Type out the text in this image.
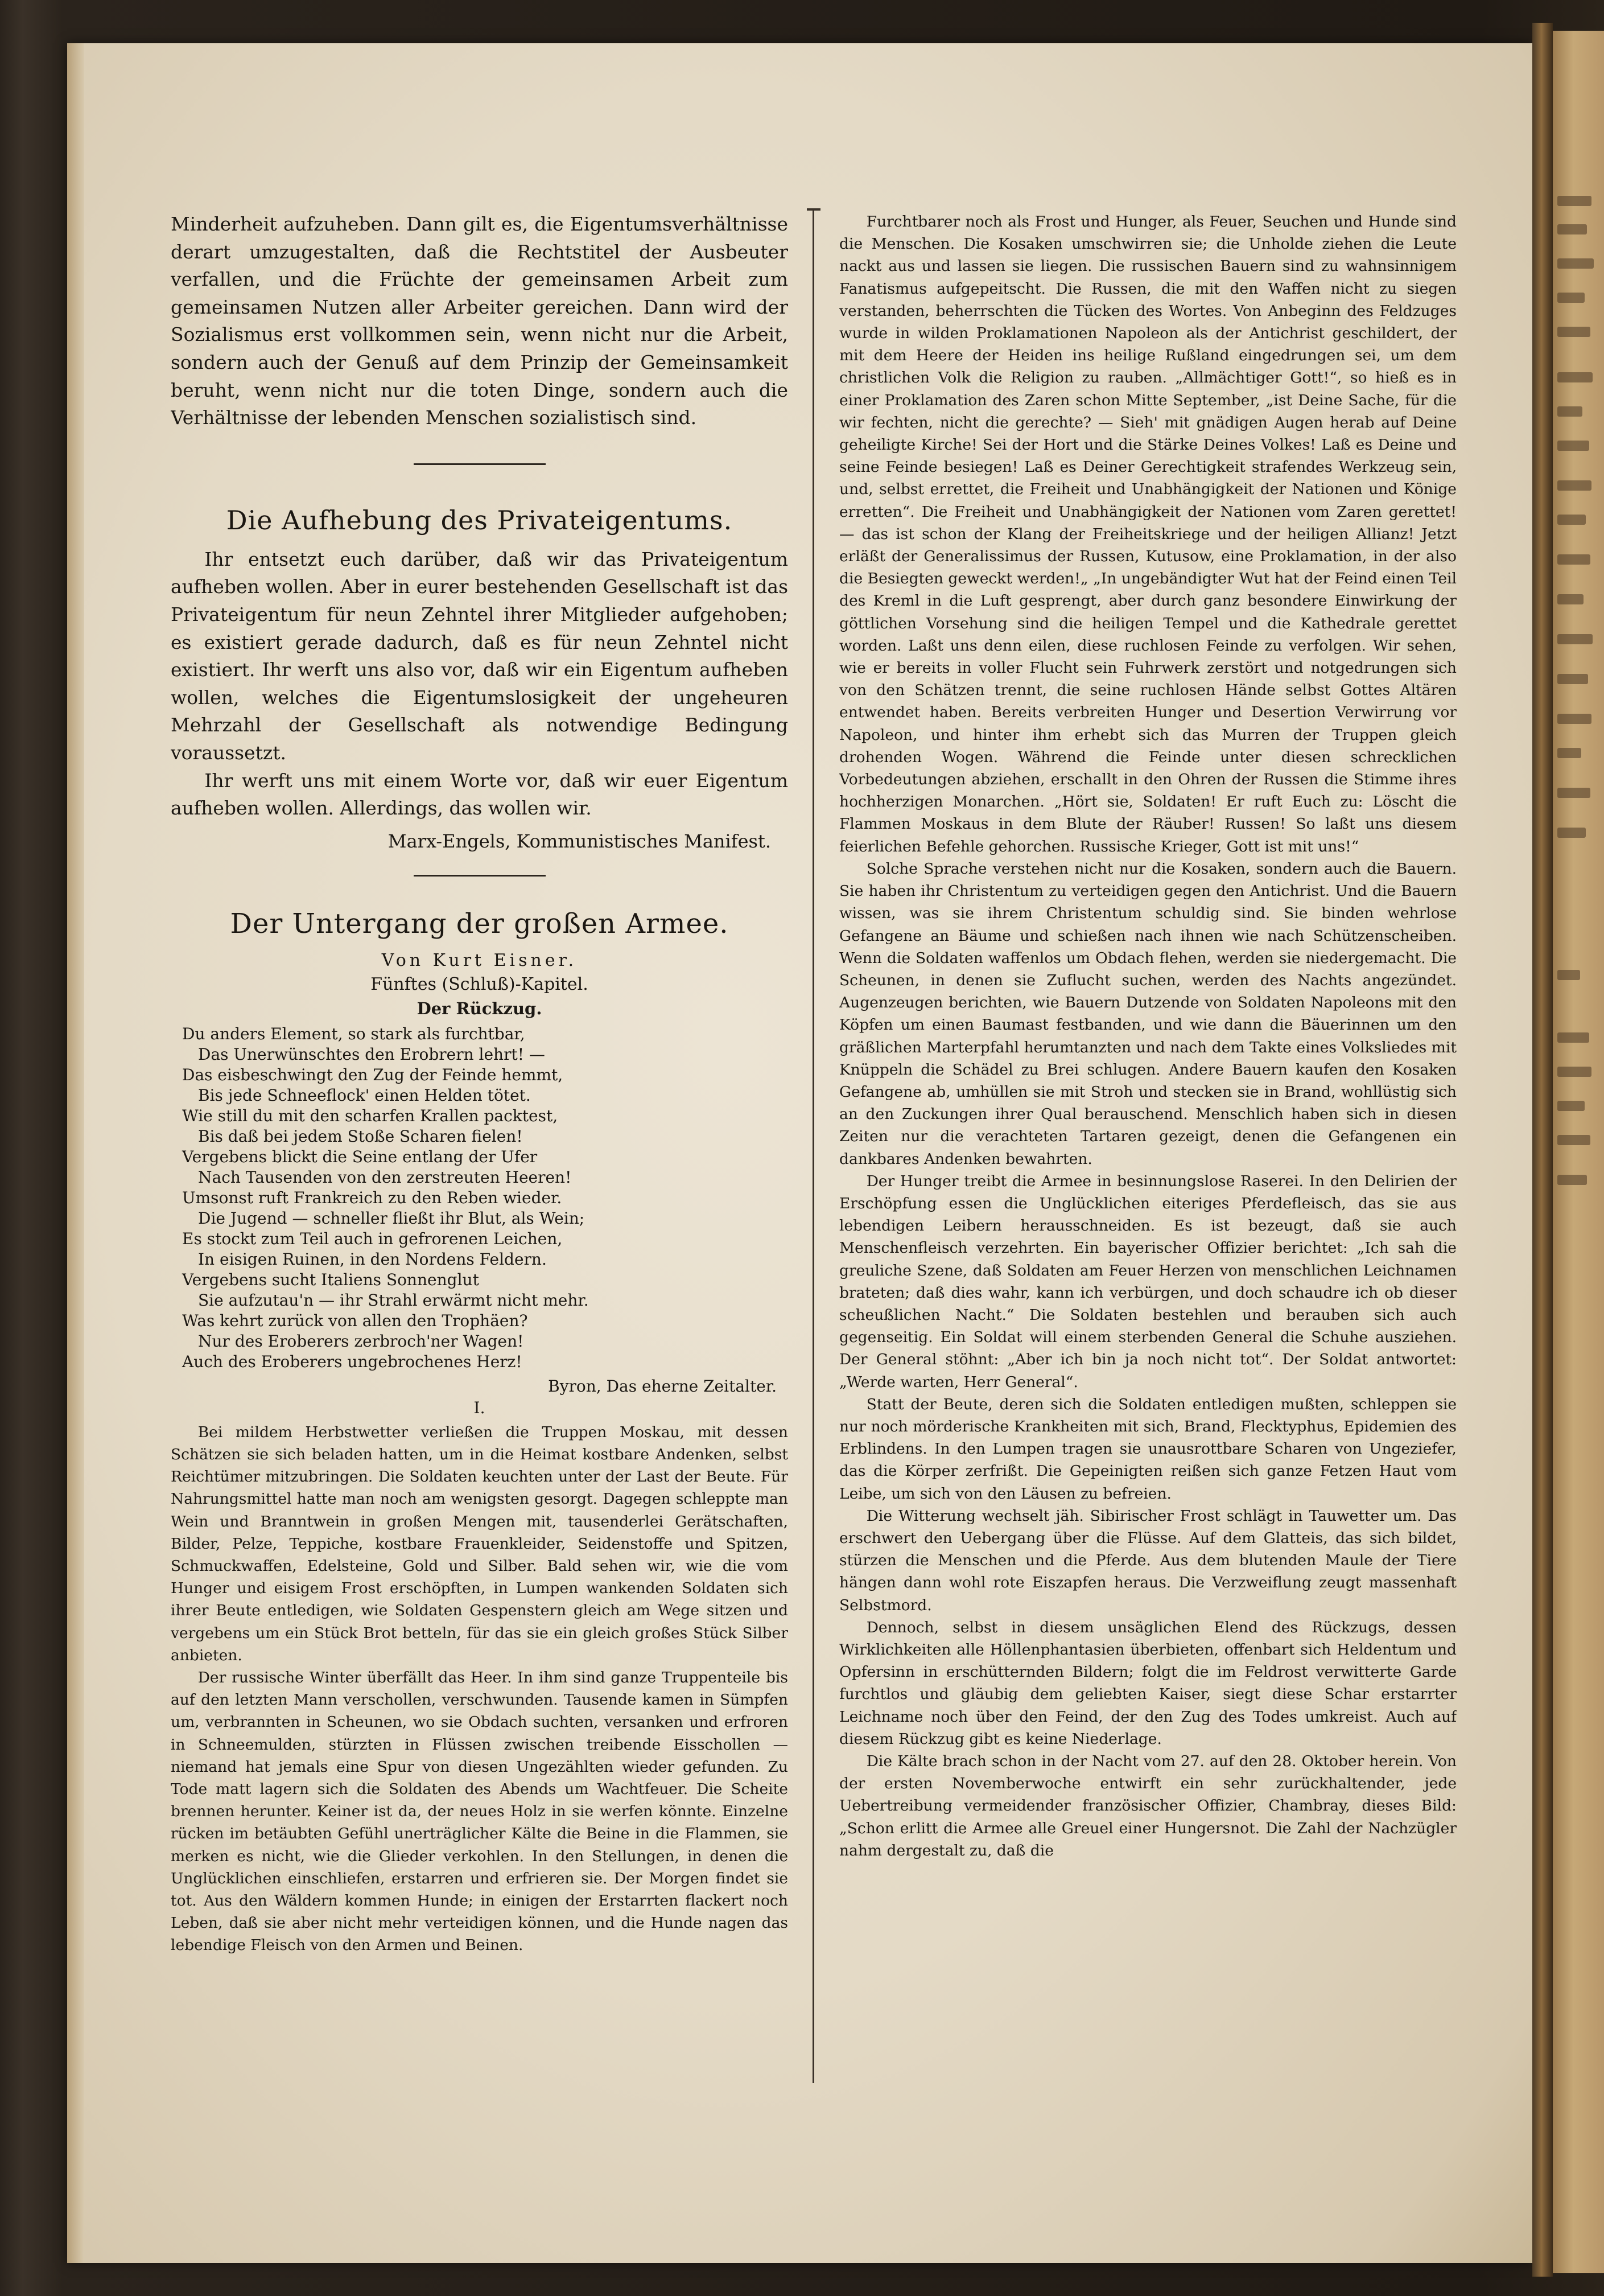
Minderheit aufzuheben. Dann gilt es, die Eigentumsverhältnisse derart umzugestalten, daß die Rechtstitel der Ausbeuter verfallen, und die Früchte der gemeinsamen Arbeit zum gemeinsamen Nutzen aller Arbeiter gereichen. Dann wird der Sozialismus erst vollkommen sein, wenn nicht nur die Arbeit, sondern auch der Genuß auf dem Prinzip der Gemeinsamkeit beruht, wenn nicht nur die toten Dinge, sondern auch die Verhältnisse der lebenden Menschen sozialistisch sind.

Die Aufhebung des Privateigentums.

Ihr entsetzt euch darüber, daß wir das Privateigentum aufheben wollen. Aber in eurer bestehenden Gesellschaft ist das Privateigentum für neun Zehntel ihrer Mitglieder aufgehoben; es existiert gerade dadurch, daß es für neun Zehntel nicht existiert. Ihr werft uns also vor, daß wir ein Eigentum aufheben wollen, welches die Eigentumslosigkeit der ungeheuren Mehrzahl der Gesellschaft als notwendige Bedingung voraussetzt.

Ihr werft uns mit einem Worte vor, daß wir euer Eigentum aufheben wollen. Allerdings, das wollen wir.

Marx-Engels, Kommunistisches Manifest.
Der Untergang der großen Armee.
Von Kurt Eisner.
Fünftes (Schluß)-Kapitel.
Der Rückzug.
Du anders Element, so stark als furchtbar,
Das Unerwünschtes den Erobrern lehrt! —
Das eisbeschwingt den Zug der Feinde hemmt,
Bis jede Schneeflock' einen Helden tötet.
Wie still du mit den scharfen Krallen packtest,
Bis daß bei jedem Stoße Scharen fielen!
Vergebens blickt die Seine entlang der Ufer
Nach Tausenden von den zerstreuten Heeren!
Umsonst ruft Frankreich zu den Reben wieder.
Die Jugend — schneller fließt ihr Blut, als Wein;
Es stockt zum Teil auch in gefrorenen Leichen,
In eisigen Ruinen, in den Nordens Feldern.
Vergebens sucht Italiens Sonnenglut
Sie aufzutau'n — ihr Strahl erwärmt nicht mehr.
Was kehrt zurück von allen den Trophäen?
Nur des Eroberers zerbroch'ner Wagen!
Auch des Eroberers ungebrochenes Herz!
Byron, Das eherne Zeitalter.
I.

Bei mildem Herbstwetter verließen die Truppen Moskau, mit dessen Schätzen sie sich beladen hatten, um in die Heimat kostbare Andenken, selbst Reichtümer mitzubringen. Die Soldaten keuchten unter der Last der Beute. Für Nahrungsmittel hatte man noch am wenigsten gesorgt. Dagegen schleppte man Wein und Branntwein in großen Mengen mit, tausenderlei Gerätschaften, Bilder, Pelze, Teppiche, kostbare Frauenkleider, Seidenstoffe und Spitzen, Schmuckwaffen, Edelsteine, Gold und Silber. Bald sehen wir, wie die vom Hunger und eisigem Frost erschöpften, in Lumpen wankenden Soldaten sich ihrer Beute entledigen, wie Soldaten Gespenstern gleich am Wege sitzen und vergebens um ein Stück Brot betteln, für das sie ein gleich großes Stück Silber anbieten.

Der russische Winter überfällt das Heer. In ihm sind ganze Truppenteile bis auf den letzten Mann verschollen, verschwunden. Tausende kamen in Sümpfen um, verbrannten in Scheunen, wo sie Obdach suchten, versanken und erfroren in Schneemulden, stürzten in Flüssen zwischen treibende Eisschollen — niemand hat jemals eine Spur von diesen Ungezählten wieder gefunden. Zu Tode matt lagern sich die Soldaten des Abends um Wachtfeuer. Die Scheite brennen herunter. Keiner ist da, der neues Holz in sie werfen könnte. Einzelne rücken im betäubten Gefühl unerträglicher Kälte die Beine in die Flammen, sie merken es nicht, wie die Glieder verkohlen. In den Stellungen, in denen die Unglücklichen einschliefen, erstarren und erfrieren sie. Der Morgen findet sie tot. Aus den Wäldern kommen Hunde; in einigen der Erstarrten flackert noch Leben, daß sie aber nicht mehr verteidigen können, und die Hunde nagen das lebendige Fleisch von den Armen und Beinen.

Furchtbarer noch als Frost und Hunger, als Feuer, Seuchen und Hunde sind die Menschen. Die Kosaken umschwirren sie; die Unholde ziehen die Leute nackt aus und lassen sie liegen. Die russischen Bauern sind zu wahnsinnigem Fanatismus aufgepeitscht. Die Russen, die mit den Waffen nicht zu siegen verstanden, beherrschten die Tücken des Wortes. Von Anbeginn des Feldzuges wurde in wilden Proklamationen Napoleon als der Antichrist geschildert, der mit dem Heere der Heiden ins heilige Rußland eingedrungen sei, um dem christlichen Volk die Religion zu rauben. „Allmächtiger Gott!“, so hieß es in einer Proklamation des Zaren schon Mitte September, „ist Deine Sache, für die wir fechten, nicht die gerechte? — Sieh' mit gnädigen Augen herab auf Deine geheiligte Kirche! Sei der Hort und die Stärke Deines Volkes! Laß es Deine und seine Feinde besiegen! Laß es Deiner Gerechtigkeit strafendes Werkzeug sein, und, selbst errettet, die Freiheit und Unabhängigkeit der Nationen und Könige erretten“. Die Freiheit und Unabhängigkeit der Nationen vom Zaren gerettet! — das ist schon der Klang der Freiheitskriege und der heiligen Allianz! Jetzt erläßt der Generalissimus der Russen, Kutusow, eine Proklamation, in der also die Besiegten geweckt werden!„ „In ungebändigter Wut hat der Feind einen Teil des Kreml in die Luft gesprengt, aber durch ganz besondere Einwirkung der göttlichen Vorsehung sind die heiligen Tempel und die Kathedrale gerettet worden. Laßt uns denn eilen, diese ruchlosen Feinde zu verfolgen. Wir sehen, wie er bereits in voller Flucht sein Fuhrwerk zerstört und notgedrungen sich von den Schätzen trennt, die seine ruchlosen Hände selbst Gottes Altären entwendet haben. Bereits verbreiten Hunger und Desertion Verwirrung vor Napoleon, und hinter ihm erhebt sich das Murren der Truppen gleich drohenden Wogen. Während die Feinde unter diesen schrecklichen Vorbedeutungen abziehen, erschallt in den Ohren der Russen die Stimme ihres hochherzigen Monarchen. „Hört sie, Soldaten! Er ruft Euch zu: Löscht die Flammen Moskaus in dem Blute der Räuber! Russen! So laßt uns diesem feierlichen Befehle gehorchen. Russische Krieger, Gott ist mit uns!“

Solche Sprache verstehen nicht nur die Kosaken, sondern auch die Bauern. Sie haben ihr Christentum zu verteidigen gegen den Antichrist. Und die Bauern wissen, was sie ihrem Christentum schuldig sind. Sie binden wehrlose Gefangene an Bäume und schießen nach ihnen wie nach Schützenscheiben. Wenn die Soldaten waffenlos um Obdach flehen, werden sie niedergemacht. Die Scheunen, in denen sie Zuflucht suchen, werden des Nachts angezündet. Augenzeugen berichten, wie Bauern Dutzende von Soldaten Napoleons mit den Köpfen um einen Baumast festbanden, und wie dann die Bäuerinnen um den gräßlichen Marterpfahl herumtanzten und nach dem Takte eines Volksliedes mit Knüppeln die Schädel zu Brei schlugen. Andere Bauern kaufen den Kosaken Gefangene ab, umhüllen sie mit Stroh und stecken sie in Brand, wohllüstig sich an den Zuckungen ihrer Qual berauschend. Menschlich haben sich in diesen Zeiten nur die verachteten Tartaren gezeigt, denen die Gefangenen ein dankbares Andenken bewahrten.

Der Hunger treibt die Armee in besinnungslose Raserei. In den Delirien der Erschöpfung essen die Unglücklichen eiteriges Pferdefleisch, das sie aus lebendigen Leibern herausschneiden. Es ist bezeugt, daß sie auch Menschenfleisch verzehrten. Ein bayerischer Offizier berichtet: „Ich sah die greuliche Szene, daß Soldaten am Feuer Herzen von menschlichen Leichnamen brateten; daß dies wahr, kann ich verbürgen, und doch schaudre ich ob dieser scheußlichen Nacht.“ Die Soldaten bestehlen und berauben sich auch gegenseitig. Ein Soldat will einem sterbenden General die Schuhe ausziehen. Der General stöhnt: „Aber ich bin ja noch nicht tot“. Der Soldat antwortet: „Werde warten, Herr General“.

Statt der Beute, deren sich die Soldaten entledigen mußten, schleppen sie nur noch mörderische Krankheiten mit sich, Brand, Flecktyphus, Epidemien des Erblindens. In den Lumpen tragen sie unausrottbare Scharen von Ungeziefer, das die Körper zerfrißt. Die Gepeinigten reißen sich ganze Fetzen Haut vom Leibe, um sich von den Läusen zu befreien.

Die Witterung wechselt jäh. Sibirischer Frost schlägt in Tauwetter um. Das erschwert den Uebergang über die Flüsse. Auf dem Glatteis, das sich bildet, stürzen die Menschen und die Pferde. Aus dem blutenden Maule der Tiere hängen dann wohl rote Eiszapfen heraus. Die Verzweiflung zeugt massenhaft Selbstmord.

Dennoch, selbst in diesem unsäglichen Elend des Rückzugs, dessen Wirklichkeiten alle Höllenphantasien überbieten, offenbart sich Heldentum und Opfersinn in erschütternden Bildern; folgt die im Feldrost verwitterte Garde furchtlos und gläubig dem geliebten Kaiser, siegt diese Schar erstarrter Leichname noch über den Feind, der den Zug des Todes umkreist. Auch auf diesem Rückzug gibt es keine Niederlage.

Die Kälte brach schon in der Nacht vom 27. auf den 28. Oktober herein. Von der ersten Novemberwoche entwirft ein sehr zurückhaltender, jede Uebertreibung vermeidender französischer Offizier, Chambray, dieses Bild: „Schon erlitt die Armee alle Greuel einer Hungersnot. Die Zahl der Nachzügler nahm dergestalt zu, daß die
